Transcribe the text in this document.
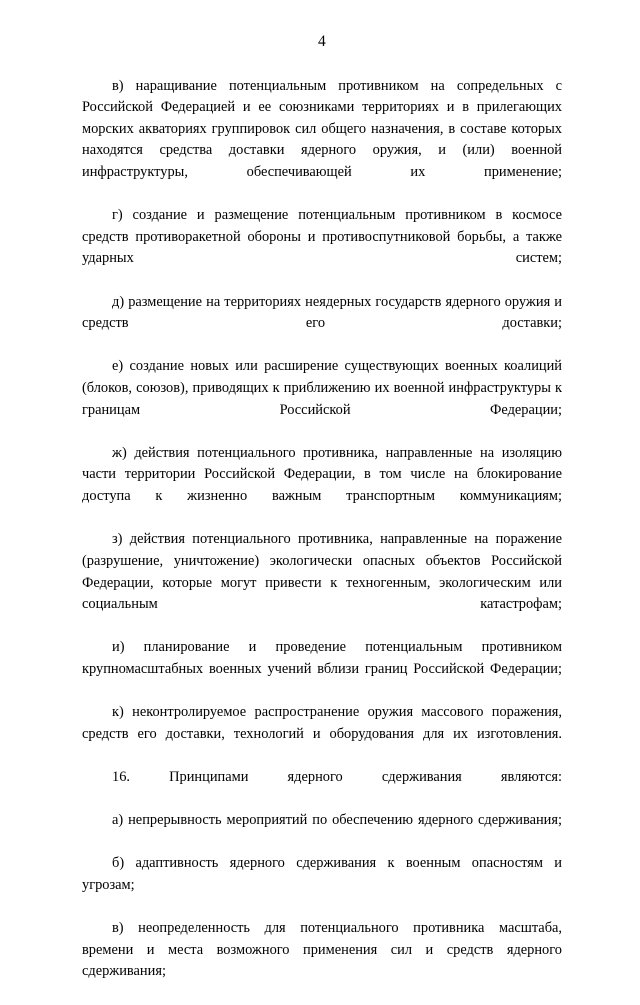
4

в) наращивание потенциальным противником на сопредельных с Российской Федерацией и ее союзниками территориях и в прилегающих морских акваториях группировок сил общего назначения, в составе которых находятся средства доставки ядерного оружия, и (или) военной инфраструктуры, обеспечивающей их применение;

г) создание и размещение потенциальным противником в космосе средств противоракетной обороны и противоспутниковой борьбы, а также ударных систем;

д) размещение на территориях неядерных государств ядерного оружия и средств его доставки;

е) создание новых или расширение существующих военных коалиций (блоков, союзов), приводящих к приближению их военной инфраструктуры к границам Российской Федерации;

ж) действия потенциального противника, направленные на изоляцию части территории Российской Федерации, в том числе на блокирование доступа к жизненно важным транспортным коммуникациям;

з) действия потенциального противника, направленные на поражение (разрушение, уничтожение) экологически опасных объектов Российской Федерации, которые могут привести к техногенным, экологическим или социальным катастрофам;

и) планирование и проведение потенциальным противником крупномасштабных военных учений вблизи границ Российской Федерации;

к) неконтролируемое распространение оружия массового поражения, средств его доставки, технологий и оборудования для их изготовления.

16. Принципами ядерного сдерживания являются:

а) непрерывность мероприятий по обеспечению ядерного сдерживания;

б) адаптивность ядерного сдерживания к военным опасностям и угрозам;

в) неопределенность для потенциального противника масштаба, времени и места возможного применения сил и средств ядерного сдерживания;
